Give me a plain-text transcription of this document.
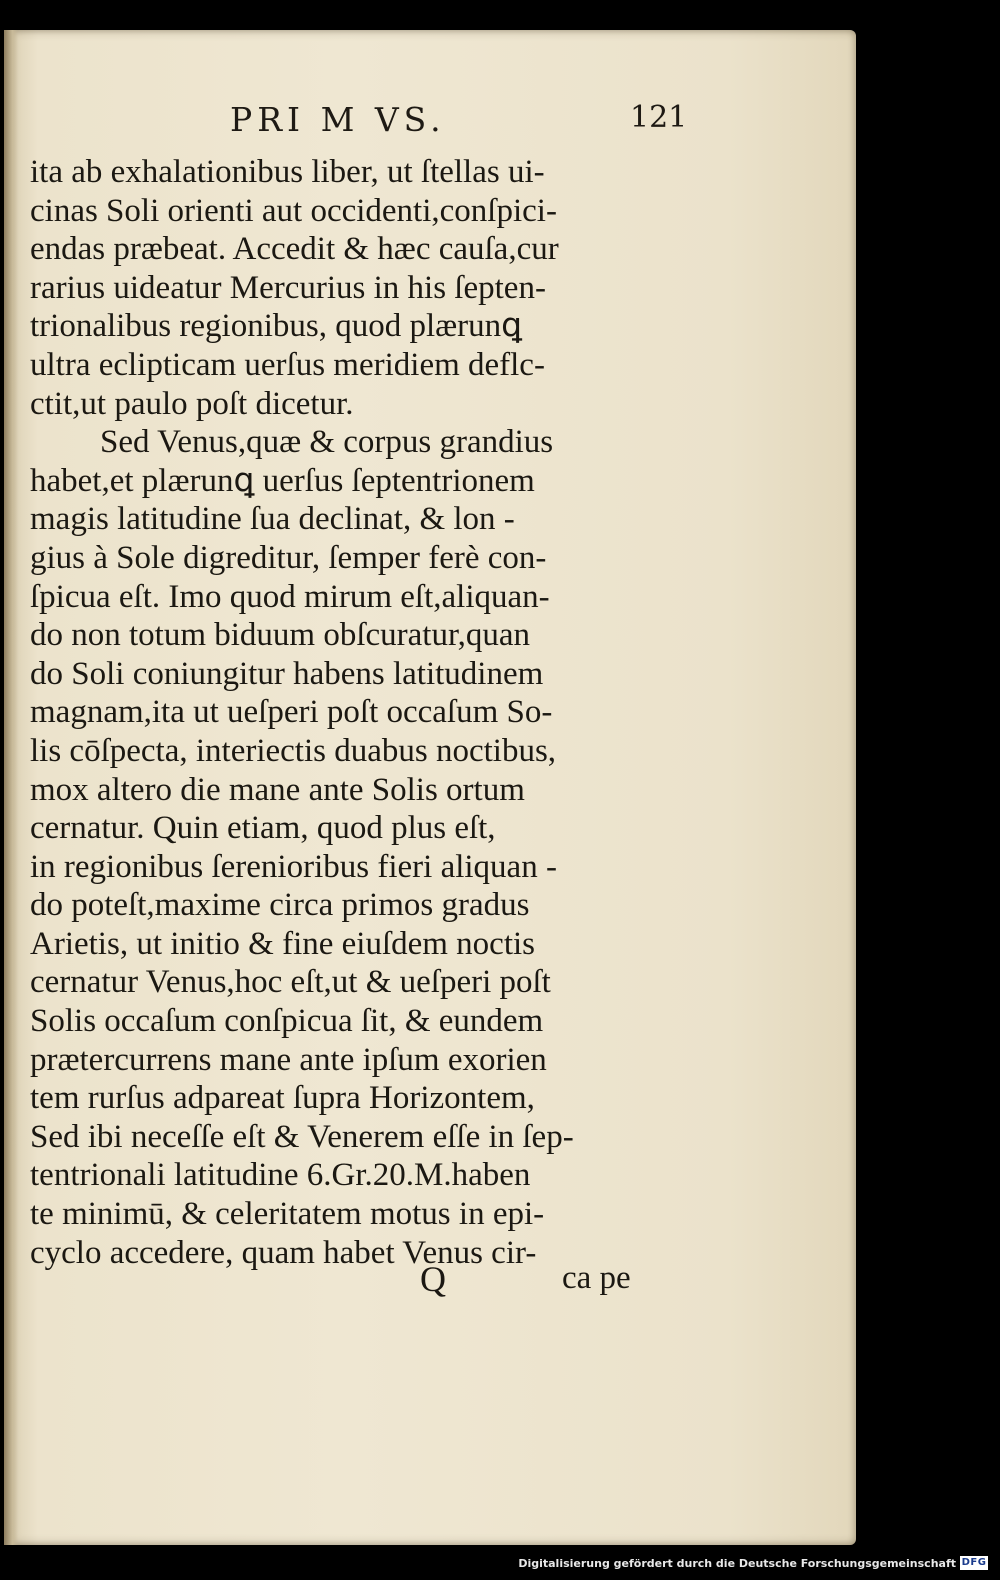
PRI M VS.	121
ita ab exhalationibus liber, ut ſtellas ui-
cinas Soli orienti aut occidenti,conſpici-
endas præbeat. Accedit & hæc cauſa,cur
rarius uideatur Mercurius in his ſepten-
trionalibus regionibus, quod plærunꝗ
ultra eclipticam uerſus meridiem deflc-
ctit,ut paulo poſt dicetur.
Sed Venus,quæ & corpus grandius
habet,et plærunꝗ uerſus ſeptentrionem
magis latitudine ſua declinat, & lon -
gius à Sole digreditur, ſemper ferè con-
ſpicua eſt. Imo quod mirum eſt,aliquan-
do non totum biduum obſcuratur,quan
do Soli coniungitur habens latitudinem
magnam,ita ut ueſperi poſt occaſum So-
lis cōſpecta, interiectis duabus noctibus,
mox altero die mane ante Solis ortum
cernatur. Quin etiam, quod plus eſt,
in regionibus ſerenioribus fieri aliquan -
do poteſt,maxime circa primos gradus
Arietis, ut initio & fine eiuſdem noctis
cernatur Venus,hoc eſt,ut & ueſperi poſt
Solis occaſum conſpicua ſit, & eundem
prætercurrens mane ante ipſum exorien
tem rurſus adpareat ſupra Horizontem,
Sed ibi neceſſe eſt & Venerem eſſe in ſep-
tentrionali latitudine 6.Gr.20.M.haben
te minimū, & celeritatem motus in epi-
cyclo accedere, quam habet Venus cir-
Q	ca pe
Digitalisierung gefördert durch die Deutsche Forschungsgemeinschaft DFG
